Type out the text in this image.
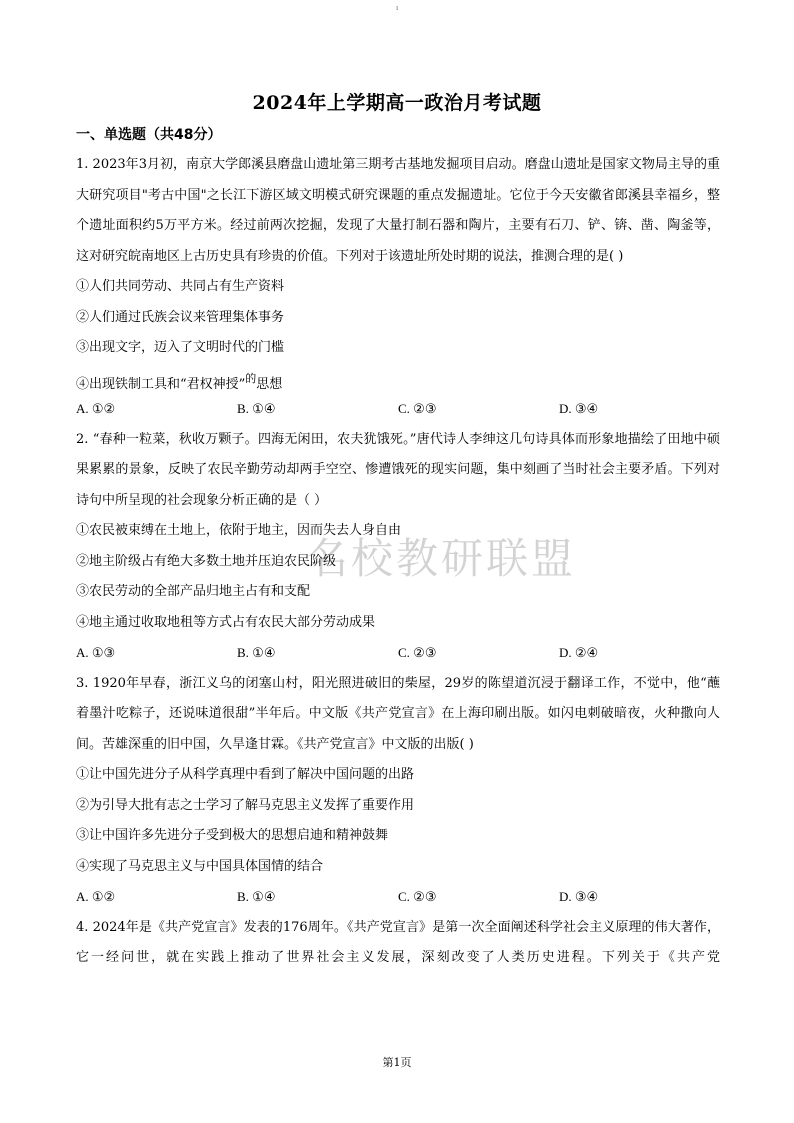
ı
2024年上学期高一政治月考试题
一、单选题（共48分）
名校教研联盟

1. 2023年3月初，南京大学郎溪县磨盘山遗址第三期考古基地发掘项目启动。磨盘山遗址是国家文物局主导的重大研究项目"考古中国"之长江下游区域文明模式研究课题的重点发掘遗址。它位于今天安徽省郎溪县幸福乡，整个遗址面积约5万平方米。经过前两次挖掘，发现了大量打制石器和陶片，主要有石刀、铲、锛、凿、陶釜等，这对研究皖南地区上古历史具有珍贵的价值。下列对于该遗址所处时期的说法，推测合理的是( )

①人们共同劳动、共同占有生产资料
②人们通过氏族会议来管理集体事务
③出现文字，迈入了文明时代的门槛
④出现铁制工具和“君权神授”$^的$思想
A. ①②	B. ①④	C. ②③	D. ③④

2. “春种一粒菜，秋收万颗子。四海无闲田，农夫犹饿死。”唐代诗人李绅这几句诗具体而形象地描绘了田地中硕果累累的景象，反映了农民辛勤劳动却两手空空、惨遭饿死的现实问题，集中刻画了当时社会主要矛盾。下列对诗句中所呈现的社会现象分析正确的是（ ）

①农民被束缚在土地上，依附于地主，因而失去人身自由
②地主阶级占有绝大多数土地并压迫农民阶级
③农民劳动的全部产品归地主占有和支配
④地主通过收取地租等方式占有农民大部分劳动成果
A. ①③	B. ①④	C. ②③	D. ②④

3. 1920年早春，浙江义乌的闭塞山村，阳光照进破旧的柴屋，29岁的陈望道沉浸于翻译工作，不觉中，他“蘸着墨汁吃粽子，还说味道很甜”半年后。中文版《共产党宣言》在上海印刷出版。如闪电刺破暗夜，火种撒向人间。苦雄深重的旧中国，久旱逢甘霖。《共产党宣言》中文版的出版( )

①让中国先进分子从科学真理中看到了解决中国问题的出路
②为引导大批有志之士学习了解马克思主义发挥了重要作用
③让中国许多先进分子受到极大的思想启迪和精神鼓舞
④实现了马克思主义与中国具体国情的结合
A. ①②	B. ①④	C. ②③	D. ③④

4. 2024年是《共产党宣言》发表的176周年。《共产党宣言》是第一次全面阐述科学社会主义原理的伟大著作，它一经问世，就在实践上推动了世界社会主义发展，深刻改变了人类历史进程。下列关于《共产党

第1页
